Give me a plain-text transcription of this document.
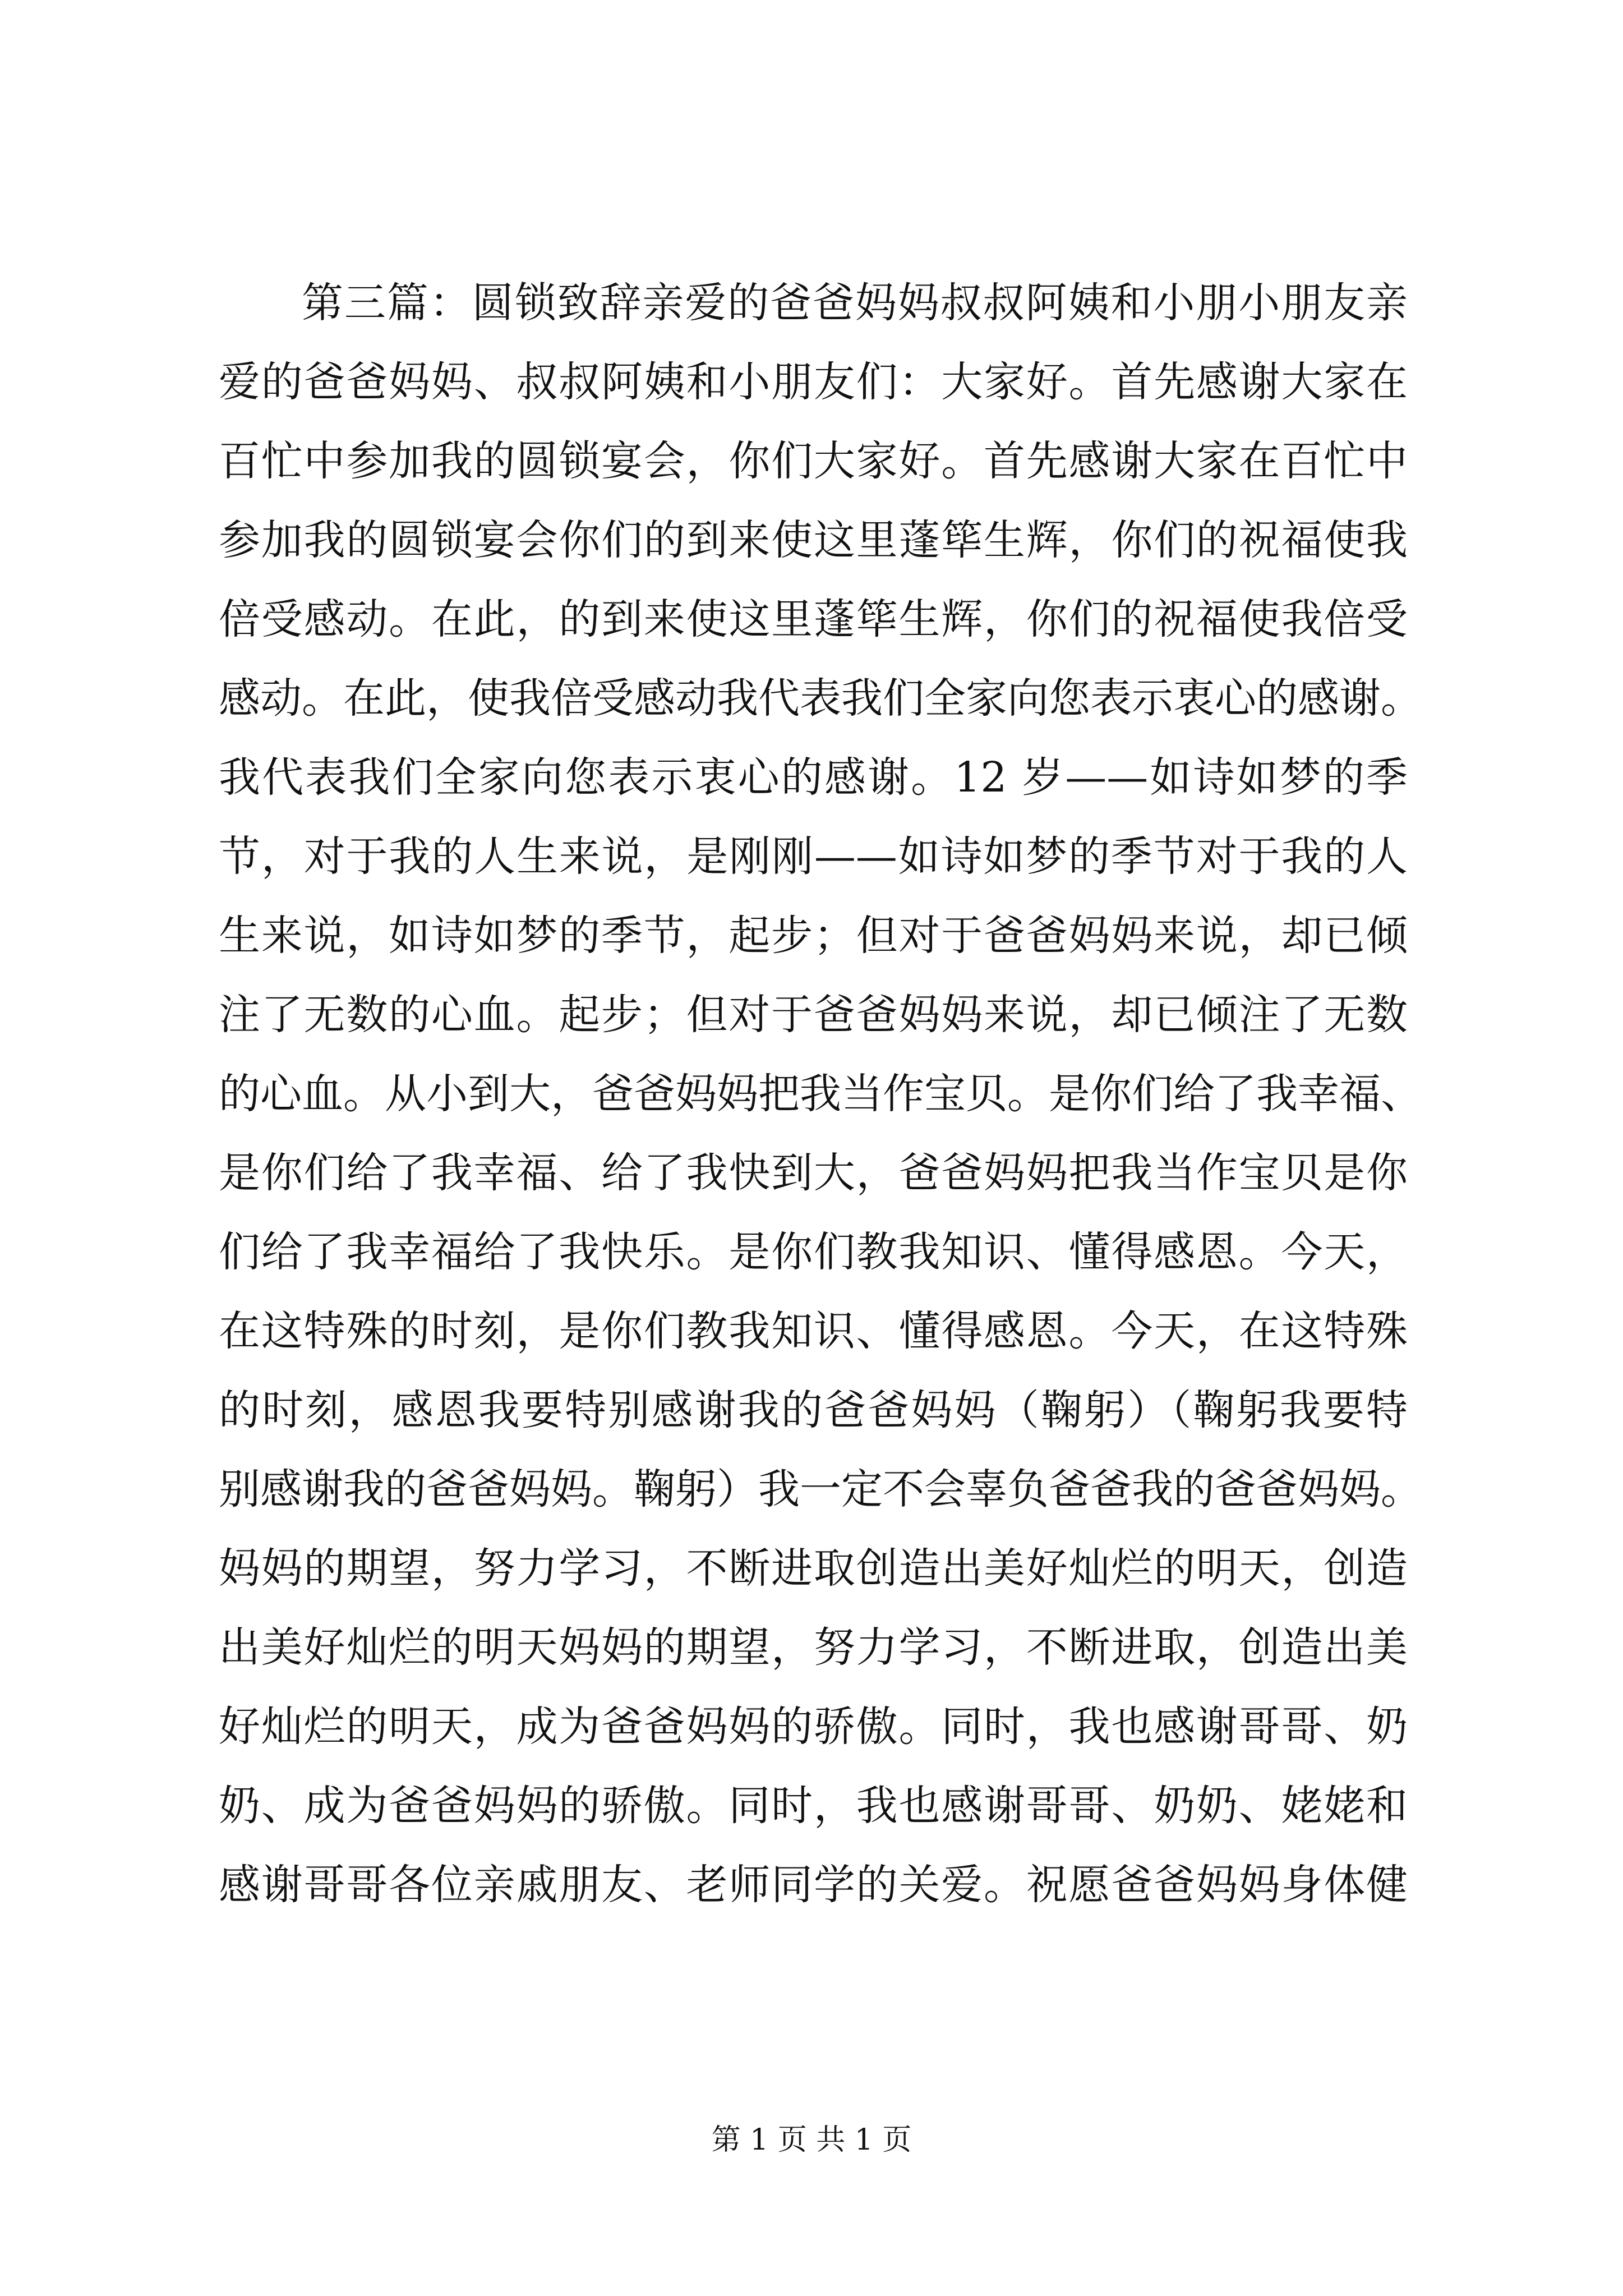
第三篇：圆锁致辞亲爱的爸爸妈妈叔叔阿姨和小朋小朋友亲
爱的爸爸妈妈、叔叔阿姨和小朋友们：大家好。首先感谢大家在
百忙中参加我的圆锁宴会，你们大家好。首先感谢大家在百忙中
参加我的圆锁宴会你们的到来使这里蓬筚生辉，你们的祝福使我
倍受感动。在此，的到来使这里蓬筚生辉，你们的祝福使我倍受
感动。在此，使我倍受感动我代表我们全家向您表示衷心的感谢。
我代表我们全家向您表示衷心的感谢。12 岁——如诗如梦的季
节，对于我的人生来说，是刚刚——如诗如梦的季节对于我的人
生来说，如诗如梦的季节，起步；但对于爸爸妈妈来说，却已倾
注了无数的心血。起步；但对于爸爸妈妈来说，却已倾注了无数
的心血。从小到大，爸爸妈妈把我当作宝贝。是你们给了我幸福、
是你们给了我幸福、给了我快到大，爸爸妈妈把我当作宝贝是你
们给了我幸福给了我快乐。是你们教我知识、懂得感恩。今天，
在这特殊的时刻，是你们教我知识、懂得感恩。今天，在这特殊
的时刻，感恩我要特别感谢我的爸爸妈妈（鞠躬）（鞠躬我要特
别感谢我的爸爸妈妈。鞠躬）我一定不会辜负爸爸我的爸爸妈妈。
妈妈的期望，努力学习，不断进取创造出美好灿烂的明天，创造
出美好灿烂的明天妈妈的期望，努力学习，不断进取，创造出美
好灿烂的明天，成为爸爸妈妈的骄傲。同时，我也感谢哥哥、奶
奶、成为爸爸妈妈的骄傲。同时，我也感谢哥哥、奶奶、姥姥和
感谢哥哥各位亲戚朋友、老师同学的关爱。祝愿爸爸妈妈身体健
第 1 页 共 1 页
